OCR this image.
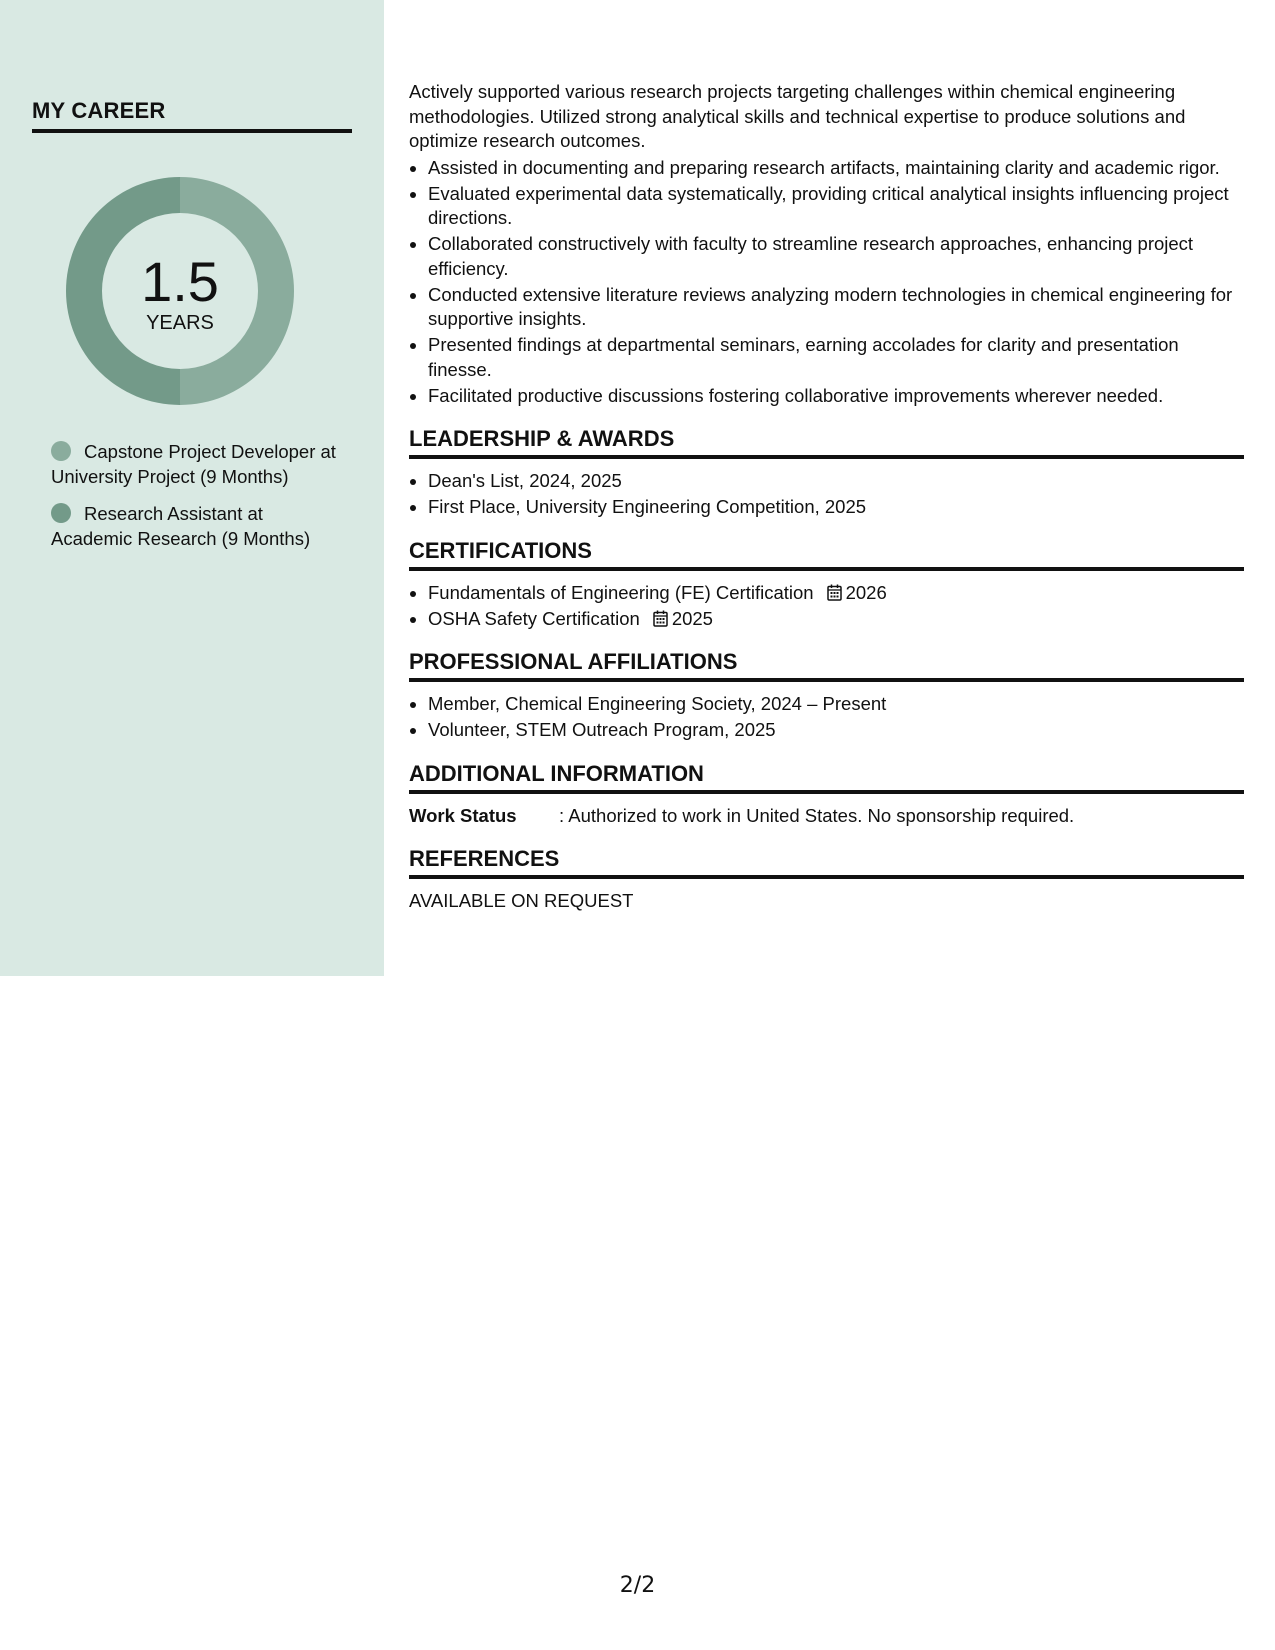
MY CAREER
1.5
YEARS
Capstone Project Developer at University Project (9 Months)
Research Assistant at Academic Research (9 Months)

Actively supported various research projects targeting challenges within chemical engineering methodologies. Utilized strong analytical skills and technical expertise to produce solutions and optimize research outcomes.

Assisted in documenting and preparing research artifacts, maintaining clarity and academic rigor.
Evaluated experimental data systematically, providing critical analytical insights influencing project directions.
Collaborated constructively with faculty to streamline research approaches, enhancing project efficiency.
Conducted extensive literature reviews analyzing modern technologies in chemical engineering for supportive insights.
Presented findings at departmental seminars, earning accolades for clarity and presentation finesse.
Facilitated productive discussions fostering collaborative improvements wherever needed.
LEADERSHIP & AWARDS
Dean's List, 2024, 2025
First Place, University Engineering Competition, 2025
CERTIFICATIONS
Fundamentals of Engineering (FE) Certification 2026
OSHA Safety Certification 2025
PROFESSIONAL AFFILIATIONS
Member, Chemical Engineering Society, 2024 – Present
Volunteer, STEM Outreach Program, 2025
ADDITIONAL INFORMATION
Work Status	: Authorized to work in United States. No sponsorship required.
REFERENCES

AVAILABLE ON REQUEST

2/2
